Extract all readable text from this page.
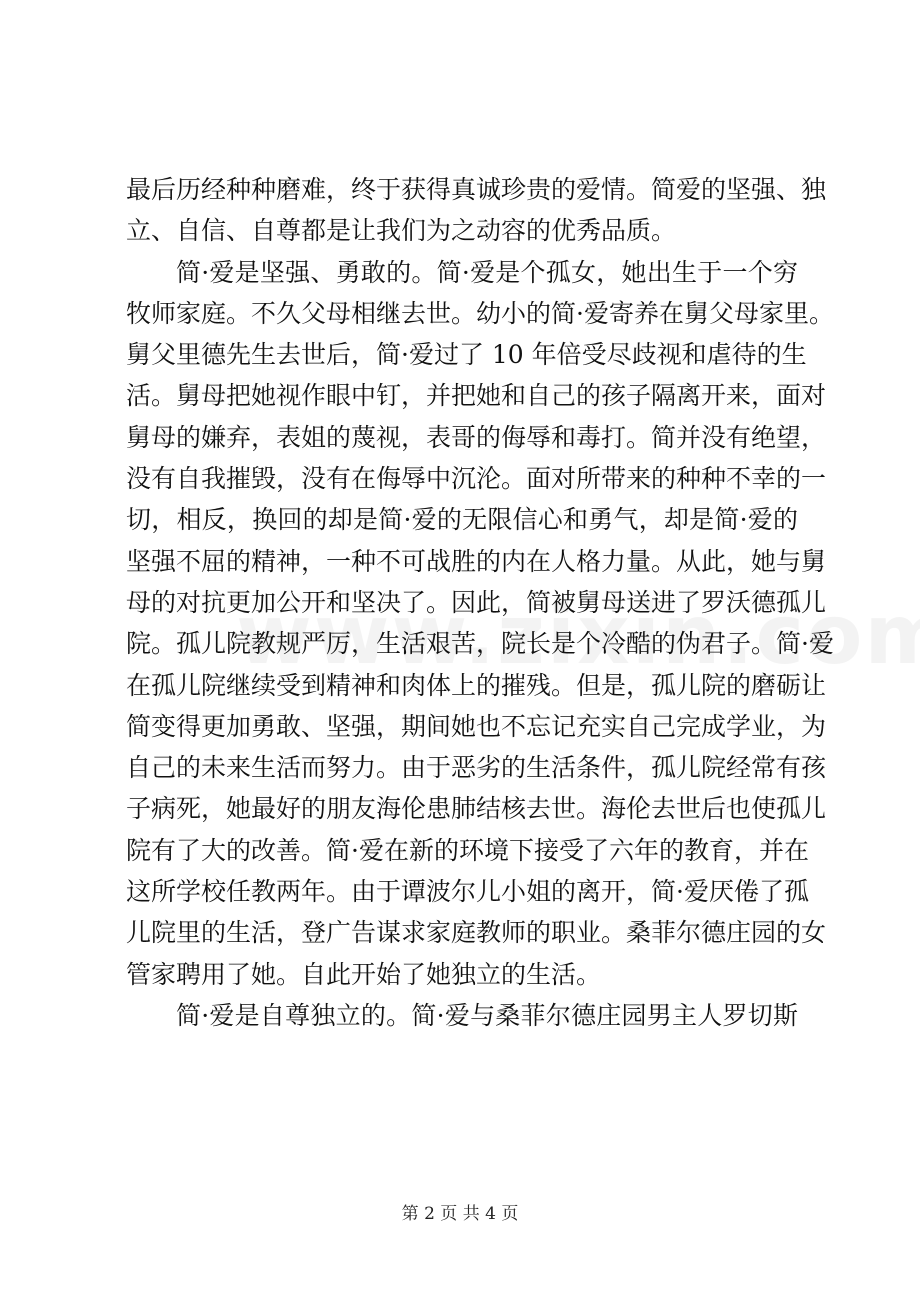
最后历经种种磨难，终于获得真诚珍贵的爱情。简爱的坚强、独
立、自信、自尊都是让我们为之动容的优秀品质。
简·爱是坚强、勇敢的。简·爱是个孤女，她出生于一个穷
牧师家庭。不久父母相继去世。幼小的简·爱寄养在舅父母家里。
舅父里德先生去世后，简·爱过了 10 年倍受尽歧视和虐待的生
活。舅母把她视作眼中钉，并把她和自己的孩子隔离开来，面对
舅母的嫌弃，表姐的蔑视，表哥的侮辱和毒打。简并没有绝望，
没有自我摧毁，没有在侮辱中沉沦。面对所带来的种种不幸的一
切，相反，换回的却是简·爱的无限信心和勇气，却是简·爱的
坚强不屈的精神，一种不可战胜的内在人格力量。从此，她与舅
母的对抗更加公开和坚决了。因此，简被舅母送进了罗沃德孤儿
院。孤儿院教规严厉，生活艰苦，院长是个冷酷的伪君子。简·爱
在孤儿院继续受到精神和肉体上的摧残。但是，孤儿院的磨砺让
简变得更加勇敢、坚强，期间她也不忘记充实自己完成学业，为
自己的未来生活而努力。由于恶劣的生活条件，孤儿院经常有孩
子病死，她最好的朋友海伦患肺结核去世。海伦去世后也使孤儿
院有了大的改善。简·爱在新的环境下接受了六年的教育，并在
这所学校任教两年。由于谭波尔儿小姐的离开，简·爱厌倦了孤
儿院里的生活，登广告谋求家庭教师的职业。桑菲尔德庄园的女
管家聘用了她。自此开始了她独立的生活。
简·爱是自尊独立的。简·爱与桑菲尔德庄园男主人罗切斯
第 2 页 共 4 页
